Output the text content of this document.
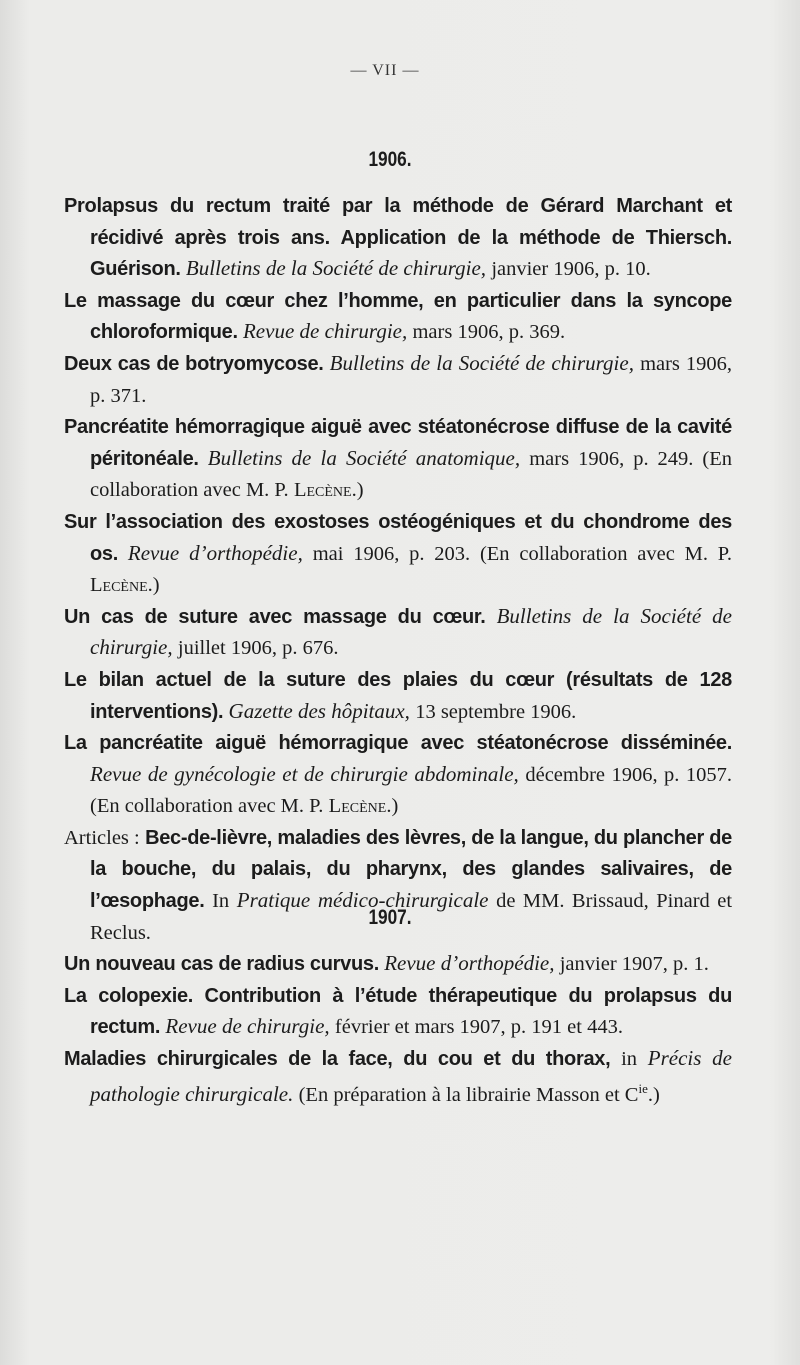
— VII —
1906.
Prolapsus du rectum traité par la méthode de Gérard Marchant et récidivé après trois ans. Application de la méthode de Thiersch. Guérison. Bulletins de la Société de chirurgie, janvier 1906, p. 10.
Le massage du cœur chez l’homme, en particulier dans la syncope chloroformique. Revue de chirurgie, mars 1906, p. 369.
Deux cas de botryomycose. Bulletins de la Société de chirurgie, mars 1906, p. 371.
Pancréatite hémorragique aiguë avec stéatonécrose diffuse de la cavité péritonéale. Bulletins de la Société anatomique, mars 1906, p. 249. (En collaboration avec M. P. Lecène.)
Sur l’association des exostoses ostéogéniques et du chondrome des os. Revue d’orthopédie, mai 1906, p. 203. (En collaboration avec M. P. Lecène.)
Un cas de suture avec massage du cœur. Bulletins de la Société de chirurgie, juillet 1906, p. 676.
Le bilan actuel de la suture des plaies du cœur (résultats de 128 interventions). Gazette des hôpitaux, 13 septembre 1906.
La pancréatite aiguë hémorragique avec stéatonécrose disséminée. Revue de gynécologie et de chirurgie abdominale, décembre 1906, p. 1057. (En collaboration avec M. P. Lecène.)
Articles : Bec-de-lièvre, maladies des lèvres, de la langue, du plancher de la bouche, du palais, du pharynx, des glandes salivaires, de l’œsophage. In Pratique médico-chirurgicale de MM. Brissaud, Pinard et Reclus.
1907.
Un nouveau cas de radius curvus. Revue d’orthopédie, janvier 1907, p. 1.
La colopexie. Contribution à l’étude thérapeutique du prolapsus du rectum. Revue de chirurgie, février et mars 1907, p. 191 et 443.
Maladies chirurgicales de la face, du cou et du thorax, in Précis de pathologie chirurgicale. (En préparation à la librairie Masson et $C^{ie}$.)
